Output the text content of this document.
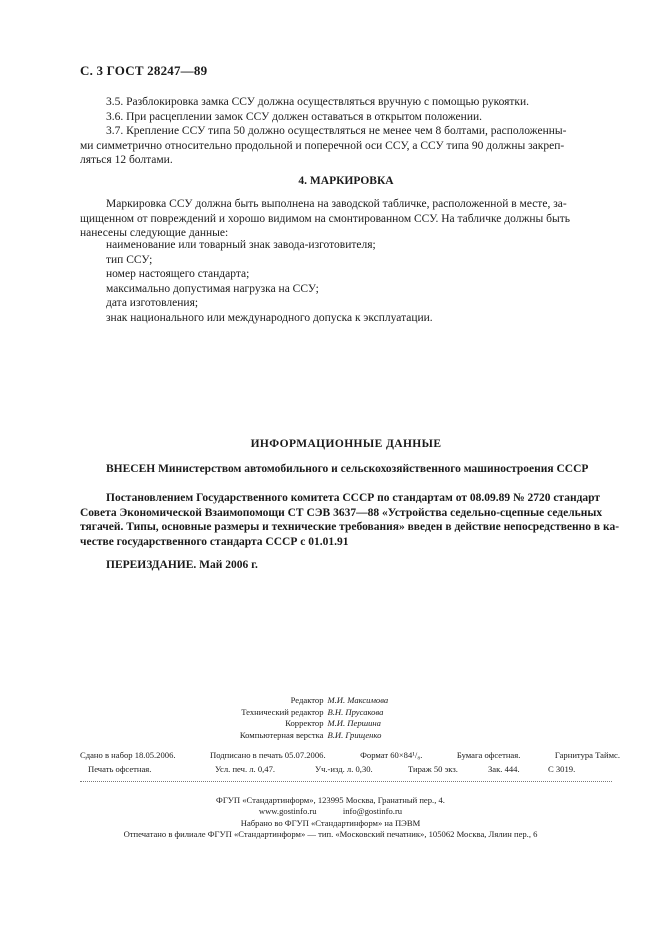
С. 3 ГОСТ 28247—89
3.5. Разблокировка замка ССУ должна осуществляться вручную с помощью рукоятки.
3.6. При расцеплении замок ССУ должен оставаться в открытом положении.
3.7. Крепление ССУ типа 50 должно осуществляться не менее чем 8 болтами, расположенны-
ми симметрично относительно продольной и поперечной оси ССУ, а ССУ типа 90 должны закреп-
ляться 12 болтами.
4. МАРКИРОВКА
Маркировка ССУ должна быть выполнена на заводской табличке, расположенной в месте, за-
щищенном от повреждений и хорошо видимом на смонтированном ССУ. На табличке должны быть
нанесены следующие данные:
наименование или товарный знак завода-изготовителя;
тип ССУ;
номер настоящего стандарта;
максимально допустимая нагрузка на ССУ;
дата изготовления;
знак национального или международного допуска к эксплуатации.
ИНФОРМАЦИОННЫЕ ДАННЫЕ
ВНЕСЕН Министерством автомобильного и сельскохозяйственного машиностроения СССР
Постановлением Государственного комитета СССР по стандартам от 08.09.89 № 2720 стандарт
Совета Экономической Взаимопомощи СТ СЭВ 3637—88 «Устройства седельно-сцепные седельных
тягачей. Типы, основные размеры и технические требования» введен в действие непосредственно в ка-
честве государственного стандарта СССР с 01.01.91
ПЕРЕИЗДАНИЕ. Май 2006 г.
Редактор М.И. Максимова
Технический редактор В.Н. Прусакова
Корректор М.И. Першина
Компьютерная верстка В.И. Грищенко
Сдано в набор 18.05.2006.	Подписано в печать 05.07.2006.	Формат 60×84¹/₈.	Бумага офсетная.	Гарнитура Таймс.
Печать офсетная.	Усл. печ. л. 0,47.	Уч.-изд. л. 0,30.	Тираж 50 экз.	Зак. 444.	С 3019.
ФГУП «Стандартинформ», 123995 Москва, Гранатный пер., 4.
www.gostinfo.ru	info@gostinfo.ru
Набрано во ФГУП «Стандартинформ» на ПЭВМ
Отпечатано в филиале ФГУП «Стандартинформ» — тип. «Московский печатник», 105062 Москва, Лялин пер., 6
